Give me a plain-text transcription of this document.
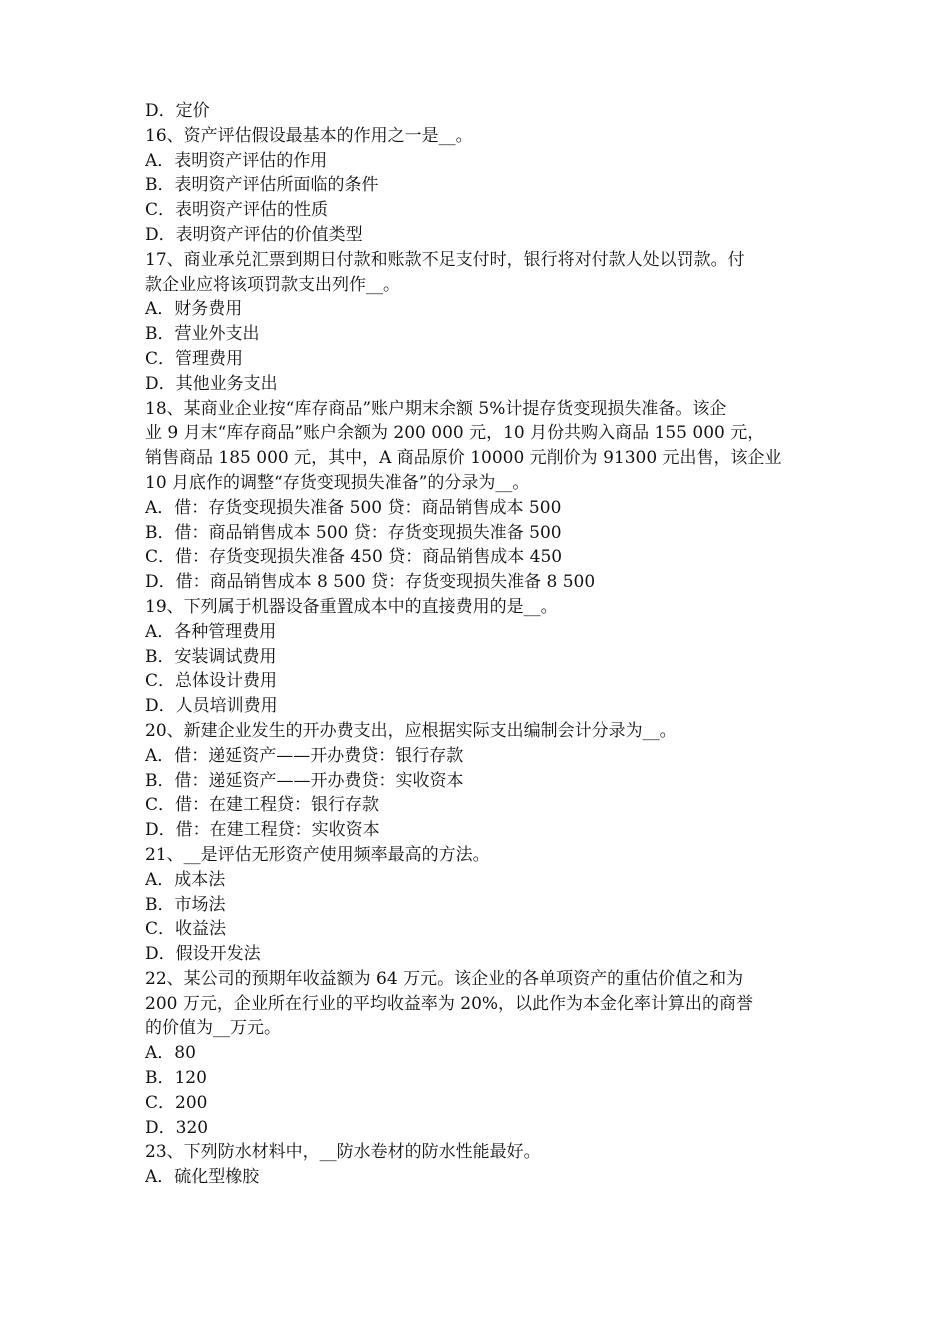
D．定价
16、资产评估假设最基本的作用之一是__。
A．表明资产评估的作用
B．表明资产评估所面临的条件
C．表明资产评估的性质
D．表明资产评估的价值类型
17、商业承兑汇票到期日付款和账款不足支付时，银行将对付款人处以罚款。付
款企业应将该项罚款支出列作__。
A．财务费用
B．营业外支出
C．管理费用
D．其他业务支出
18、某商业企业按“库存商品”账户期末余额 5%计提存货变现损失准备。该企
业 9 月末“库存商品”账户余额为 200 000 元，10 月份共购入商品 155 000 元，
销售商品 185 000 元，其中，A 商品原价 10000 元削价为 91300 元出售，该企业
10 月底作的调整“存货变现损失准备”的分录为__。
A．借：存货变现损失准备 500 贷：商品销售成本 500
B．借：商品销售成本 500 贷：存货变现损失准备 500
C．借：存货变现损失准备 450 贷：商品销售成本 450
D．借：商品销售成本 8 500 贷：存货变现损失准备 8 500
19、下列属于机器设备重置成本中的直接费用的是__。
A．各种管理费用
B．安装调试费用
C．总体设计费用
D．人员培训费用
20、新建企业发生的开办费支出，应根据实际支出编制会计分录为__。
A．借：递延资产——开办费贷：银行存款
B．借：递延资产——开办费贷：实收资本
C．借：在建工程贷：银行存款
D．借：在建工程贷：实收资本
21、__是评估无形资产使用频率最高的方法。
A．成本法
B．市场法
C．收益法
D．假设开发法
22、某公司的预期年收益额为 64 万元。该企业的各单项资产的重估价值之和为
200 万元，企业所在行业的平均收益率为 20%，以此作为本金化率计算出的商誉
的价值为__万元。
A．80
B．120
C．200
D．320
23、下列防水材料中，__防水卷材的防水性能最好。
A．硫化型橡胶
